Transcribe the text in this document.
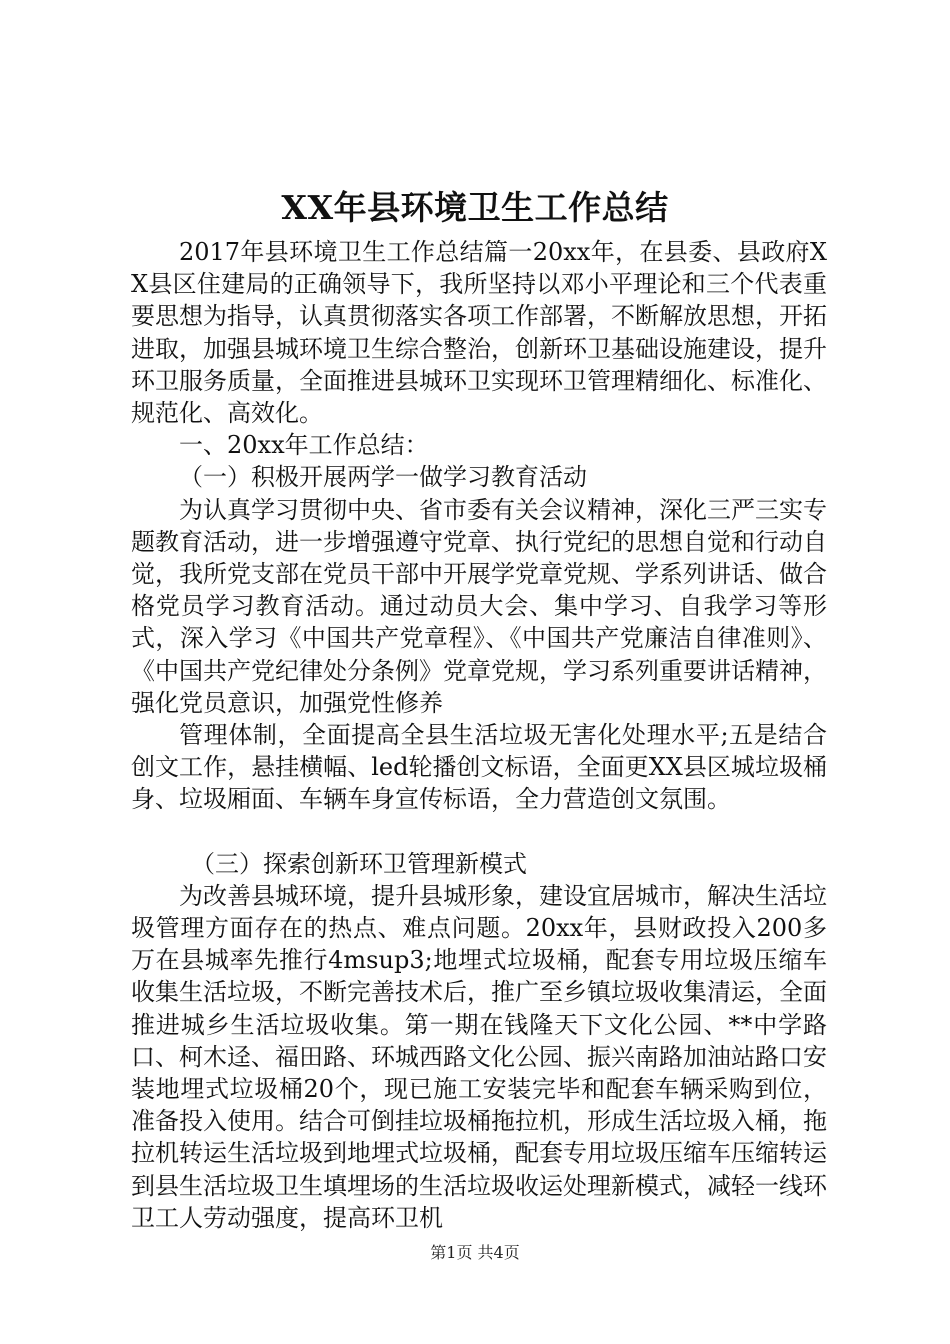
XX年县环境卫生工作总结

2017年县环境卫生工作总结篇一20xx年，在县委、县政府XX县区住建局的正确领导下，我所坚持以邓小平理论和三个代表重要思想为指导，认真贯彻落实各项工作部署，不断解放思想，开拓进取，加强县城环境卫生综合整治，创新环卫基础设施建设，提升环卫服务质量，全面推进县城环卫实现环卫管理精细化、标准化、规范化、高效化。

一、20xx年工作总结：

（一）积极开展两学一做学习教育活动

为认真学习贯彻中央、省市委有关会议精神，深化三严三实专题教育活动，进一步增强遵守党章、执行党纪的思想自觉和行动自觉，我所党支部在党员干部中开展学党章党规、学系列讲话、做合格党员学习教育活动。通过动员大会、集中学习、自我学习等形式，深入学习《中国共产党章程》、《中国共产党廉洁自律准则》、《中国共产党纪律处分条例》党章党规，学习系列重要讲话精神，强化党员意识，加强党性修养

管理体制，全面提高全县生活垃圾无害化处理水平;五是结合创文工作，悬挂横幅、led轮播创文标语，全面更XX县区城垃圾桶身、垃圾厢面、车辆车身宣传标语，全力营造创文氛围。

（三）探索创新环卫管理新模式

为改善县城环境，提升县城形象，建设宜居城市，解决生活垃圾管理方面存在的热点、难点问题。20xx年，县财政投入200多万在县城率先推行4msup3;地埋式垃圾桶，配套专用垃圾压缩车收集生活垃圾，不断完善技术后，推广至乡镇垃圾收集清运，全面推进城乡生活垃圾收集。第一期在钱隆天下文化公园、**中学路口、柯木迳、福田路、环城西路文化公园、振兴南路加油站路口安装地埋式垃圾桶20个，现已施工安装完毕和配套车辆采购到位，准备投入使用。结合可倒挂垃圾桶拖拉机，形成生活垃圾入桶，拖拉机转运生活垃圾到地埋式垃圾桶，配套专用垃圾压缩车压缩转运到县生活垃圾卫生填埋场的生活垃圾收运处理新模式，减轻一线环卫工人劳动强度，提高环卫机

第1页 共4页
